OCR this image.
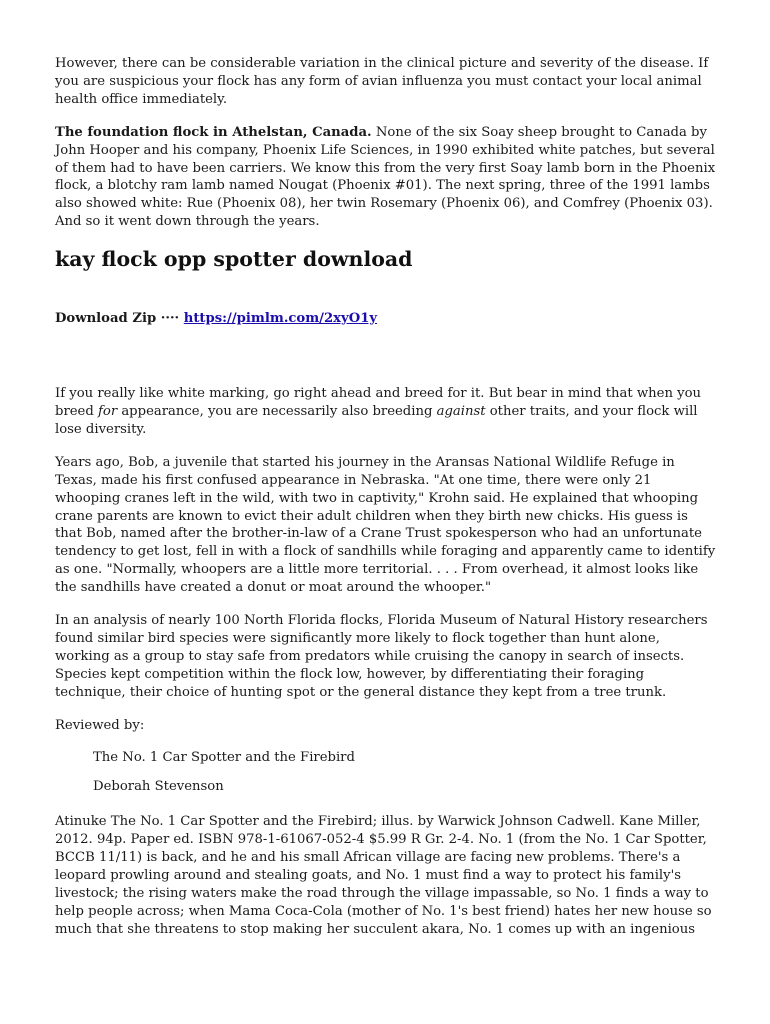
However, there can be considerable variation in the clinical picture and severity of the disease. If you are suspicious your flock has any form of avian influenza you must contact your local animal health office immediately.

The foundation flock in Athelstan, Canada. None of the six Soay sheep brought to Canada by John Hooper and his company, Phoenix Life Sciences, in 1990 exhibited white patches, but several of them had to have been carriers. We know this from the very first Soay lamb born in the Phoenix flock, a blotchy ram lamb named Nougat (Phoenix #01). The next spring, three of the 1991 lambs also showed white: Rue (Phoenix 08), her twin Rosemary (Phoenix 06), and Comfrey (Phoenix 03). And so it went down through the years.

kay flock opp spotter download

Download Zip ···· https://pimlm.com/2xyO1y

If you really like white marking, go right ahead and breed for it. But bear in mind that when you breed for appearance, you are necessarily also breeding against other traits, and your flock will lose diversity.

Years ago, Bob, a juvenile that started his journey in the Aransas National Wildlife Refuge in Texas, made his first confused appearance in Nebraska. "At one time, there were only 21 whooping cranes left in the wild, with two in captivity," Krohn said. He explained that whooping crane parents are known to evict their adult children when they birth new chicks. His guess is that Bob, named after the brother-in-law of a Crane Trust spokesperson who had an unfortunate tendency to get lost, fell in with a flock of sandhills while foraging and apparently came to identify as one. "Normally, whoopers are a little more territorial. . . . From overhead, it almost looks like the sandhills have created a donut or moat around the whooper."

In an analysis of nearly 100 North Florida flocks, Florida Museum of Natural History researchers found similar bird species were significantly more likely to flock together than hunt alone, working as a group to stay safe from predators while cruising the canopy in search of insects. Species kept competition within the flock low, however, by differentiating their foraging technique, their choice of hunting spot or the general distance they kept from a tree trunk.

Reviewed by:

The No. 1 Car Spotter and the Firebird

Deborah Stevenson

Atinuke The No. 1 Car Spotter and the Firebird; illus. by Warwick Johnson Cadwell. Kane Miller, 2012. 94p. Paper ed. ISBN 978-1-61067-052-4 $5.99 R Gr. 2-4. No. 1 (from the No. 1 Car Spotter, BCCB 11/11) is back, and he and his small African village are facing new problems. There's a leopard prowling around and stealing goats, and No. 1 must find a way to protect his family's livestock; the rising waters make the road through the village impassable, so No. 1 finds a way to help people across; when Mama Coca-Cola (mother of No. 1's best friend) hates her new house so much that she threatens to stop making her succulent akara, No. 1 comes up with an ingenious
